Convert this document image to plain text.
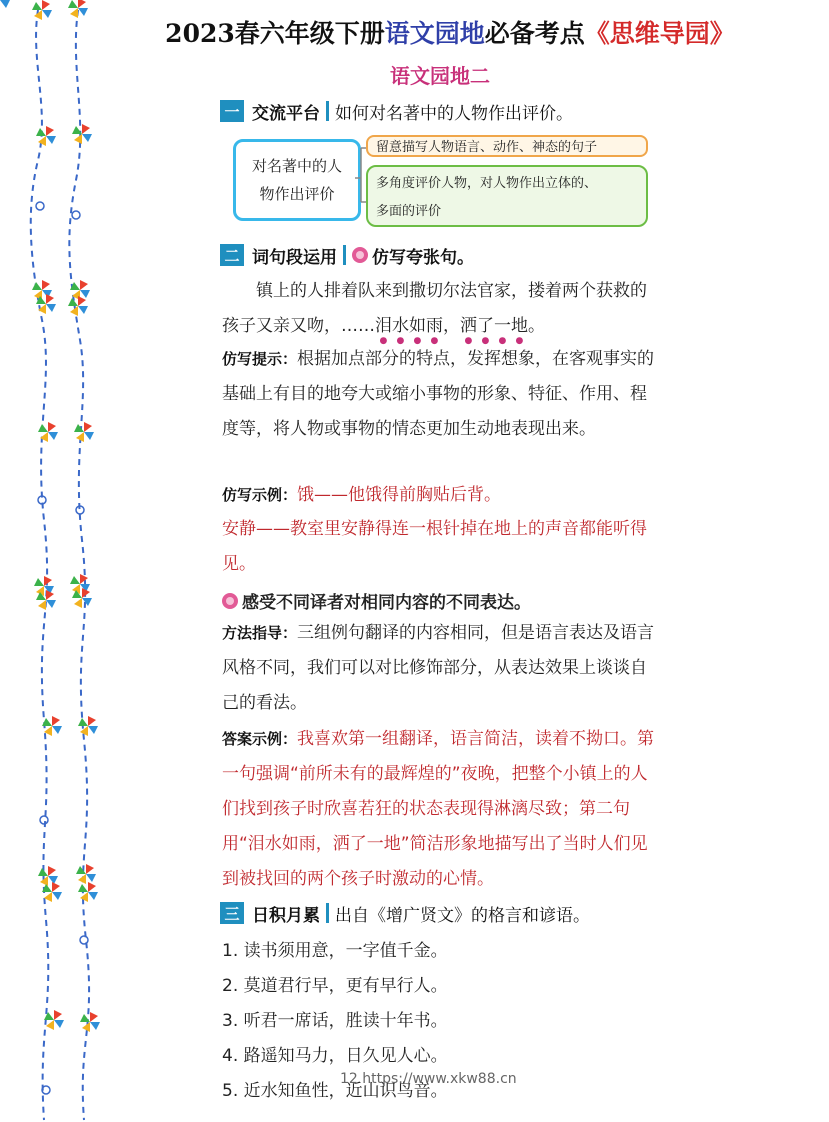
2023春六年级下册语文园地必备考点《思维导园》
语文园地二
一 交流平台 如何对名著中的人物作出评价。
对名著中的人
物作出评价
留意描写人物语言、动作、神态的句子
多角度评价人物，对人物作出立体的、
多面的评价
二 词句段运用 仿写夸张句。
镇上的人排着队来到撒切尔法官家，搂着两个获救的孩子又亲又吻，……泪水如雨，洒了一地。
仿写提示：根据加点部分的特点，发挥想象，在客观事实的基础上有目的地夸大或缩小事物的形象、特征、作用、程度等，将人物或事物的情态更加生动地表现出来。
仿写示例：饿——他饿得前胸贴后背。
安静——教室里安静得连一根针掉在地上的声音都能听得见。
感受不同译者对相同内容的不同表达。
方法指导：三组例句翻译的内容相同，但是语言表达及语言风格不同，我们可以对比修饰部分，从表达效果上谈谈自己的看法。
答案示例：我喜欢第一组翻译，语言简洁，读着不拗口。第一句强调“前所未有的最辉煌的”夜晚，把整个小镇上的人们找到孩子时欣喜若狂的状态表现得淋漓尽致；第二句用“泪水如雨，洒了一地”简洁形象地描写出了当时人们见到被找回的两个孩子时激动的心情。
三 日积月累 出自《增广贤文》的格言和谚语。
1. 读书须用意，一字值千金。
2. 莫道君行早，更有早行人。
3. 听君一席话，胜读十年书。
4. 路遥知马力，日久见人心。
5. 近水知鱼性，近山识鸟音。
12 https://www.xkw88.cn
